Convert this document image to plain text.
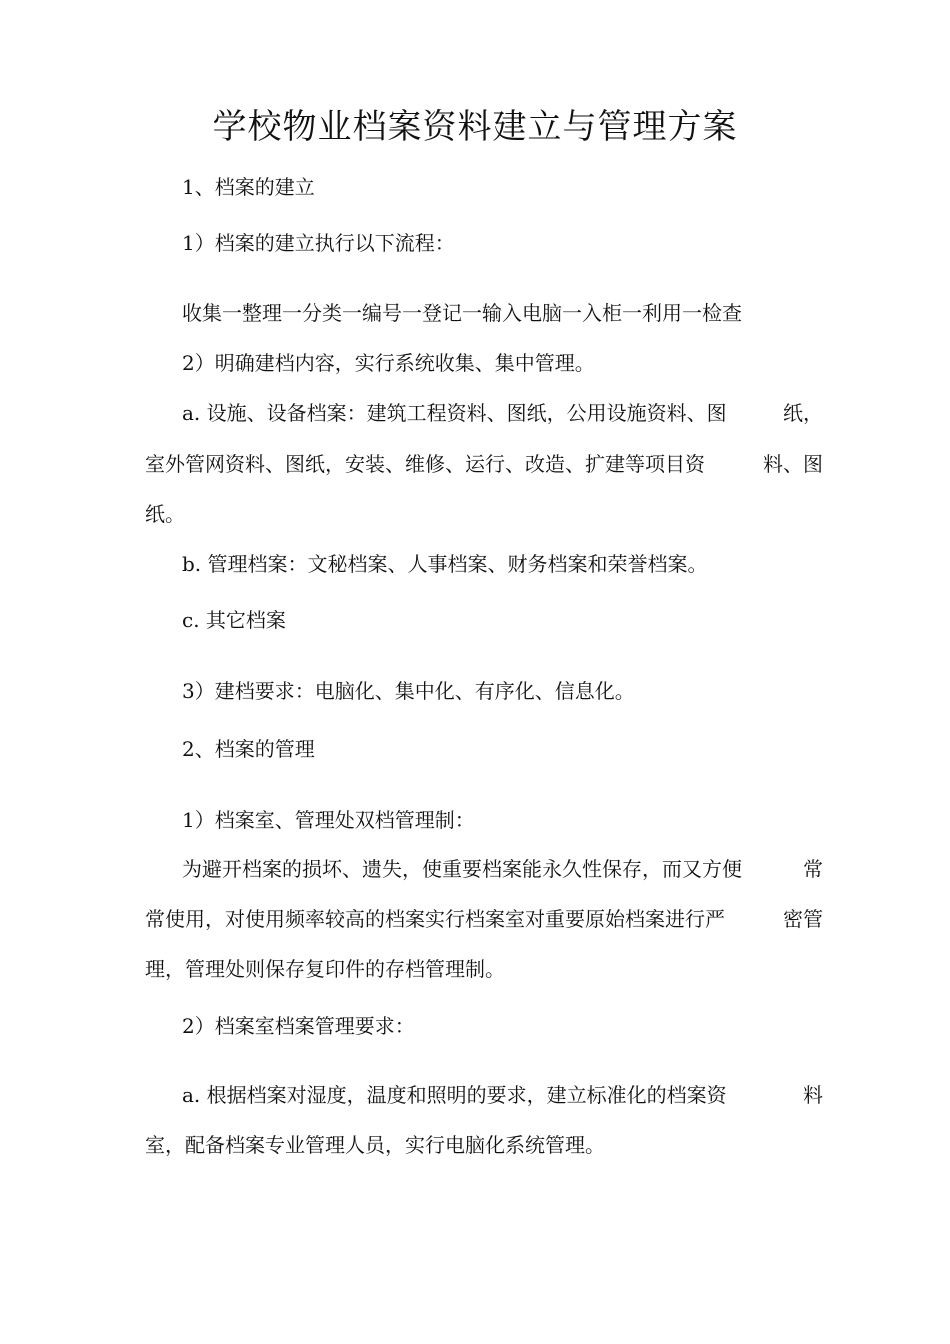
学校物业档案资料建立与管理方案
1、档案的建立
1）档案的建立执行以下流程：
收集一整理一分类一编号一登记一输入电脑一入柜一利用一检查
2）明确建档内容，实行系统收集、集中管理。
a. 设施、设备档案：建筑工程资料、图纸，公用设施资料、图	纸，
室外管网资料、图纸，安装、维修、运行、改造、扩建等项目资	料、图
纸。
b. 管理档案：文秘档案、人事档案、财务档案和荣誉档案。
c. 其它档案
3）建档要求：电脑化、集中化、有序化、信息化。
2、档案的管理
1）档案室、管理处双档管理制：
为避开档案的损坏、遗失，使重要档案能永久性保存，而又方便	常
常使用，对使用频率较高的档案实行档案室对重要原始档案进行严	密管
理，管理处则保存复印件的存档管理制。
2）档案室档案管理要求：
a. 根据档案对湿度，温度和照明的要求，建立标准化的档案资	料
室，配备档案专业管理人员，实行电脑化系统管理。
